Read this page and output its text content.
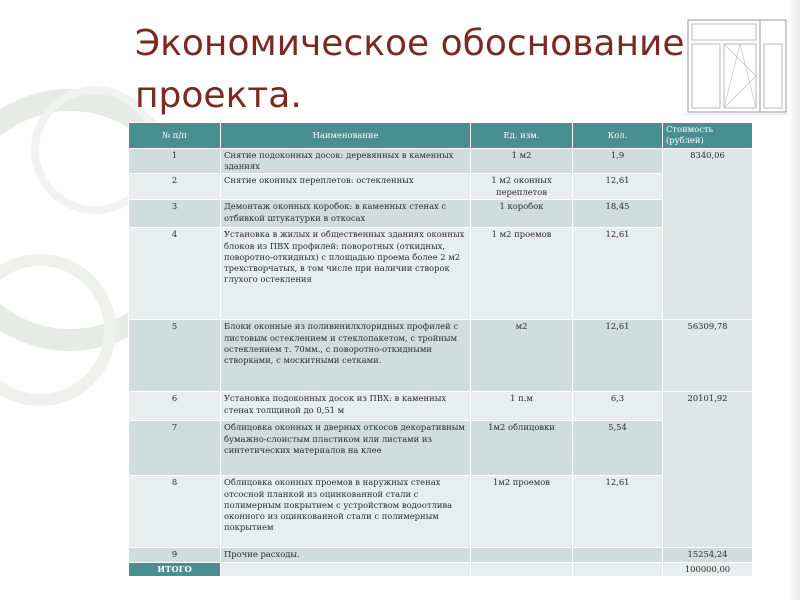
Экономическое обоснование проекта.
№ п/п	Наименование	Ед. изм.	Кол.	Стоимость (рублей)
1	Снятие подоконных досок: деревянных в каменных зданиях	1 м2	1,9	8340,06
2	Снятие оконных переплетов: остекленных	1 м2 оконных переплетов	12,61	
3	Демонтаж оконных коробок: в каменных стенах с отбивкой штукатурки в откосах	1 коробок	18,45	
4	Установка в жилых и общественных зданиях оконных блоков из ПВХ профилей: поворотных (откидных, поворотно-откидных) с площадью проема более 2 м2 трехстворчатых, в том числе при наличии створок глухого остекления	1 м2 проемов	12,61	
5	Блоки оконные из поливинилхлоридных профилей с листовым остеклением и стеклопакетом, с тройным остеклением т. 70мм., с поворотно-откидными створками, с москитными сетками.	м2	12,61	56309,78
6	Установка подоконных досок из ПВХ: в каменных стенах толщиной до 0,51 м	1 п.м	6,3	20101,92
7	Облицовка оконных и дверных откосов декоративным бумажно-слоистым пластиком или листами из синтетических материалов на клее	1м2 облицовки	5,54	
8	Облицовка оконных проемов в наружных стенах отсосной планкой из оцинкованной стали с полимерным покрытием с устройством водоотлива оконного из оцинкованной стали с полимерным покрытием	1м2 проемов	12,61	
9	Прочие расходы.			15254,24
ИТОГО				100000,00
